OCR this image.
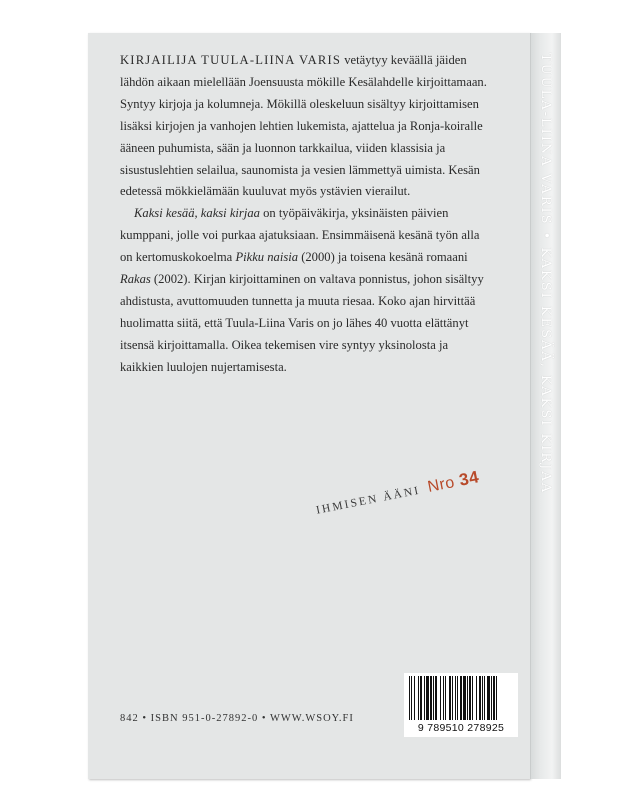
TUULA-LIINA VARIS • KAKSI KESÄÄ, KAKSI KIRJAA

KIRJAILIJA TUULA-LIINA VARIS vetäytyy keväällä jäiden lähdön aikaan mielellään Joensuusta mökille Kesälahdelle kirjoittamaan. Syntyy kirjoja ja kolumneja. Mökillä oleskeluun sisältyy kirjoittamisen lisäksi kirjojen ja vanhojen lehtien lukemista, ajattelua ja Ronja-koiralle ääneen puhumista, sään ja luonnon tarkkailua, viiden klassisia ja sisustuslehtien selailua, saunomista ja vesien lämmettyä uimista. Kesän edetessä mökkielämään kuuluvat myös ystävien vierailut.

Kaksi kesää, kaksi kirjaa on työpäiväkirja, yksinäisten päivien kumppani, jolle voi purkaa ajatuksiaan. Ensimmäisenä kesänä työn alla on kertomuskokoelma Pikku naisia (2000) ja toisena kesänä romaani Rakas (2002). Kirjan kirjoittaminen on valtava ponnistus, johon sisältyy ahdistusta, avuttomuuden tunnetta ja muuta riesaa. Koko ajan hirvittää huolimatta siitä, että Tuula-Liina Varis on jo lähes 40 vuotta elättänyt itsensä kirjoittamalla. Oikea tekemisen vire syntyy yksinolosta ja kaikkien luulojen nujertamisesta.

IHMISEN ÄÄNI Nro 34
842 • ISBN 951-0-27892-0 • WWW.WSOY.FI
9 789510 278925
